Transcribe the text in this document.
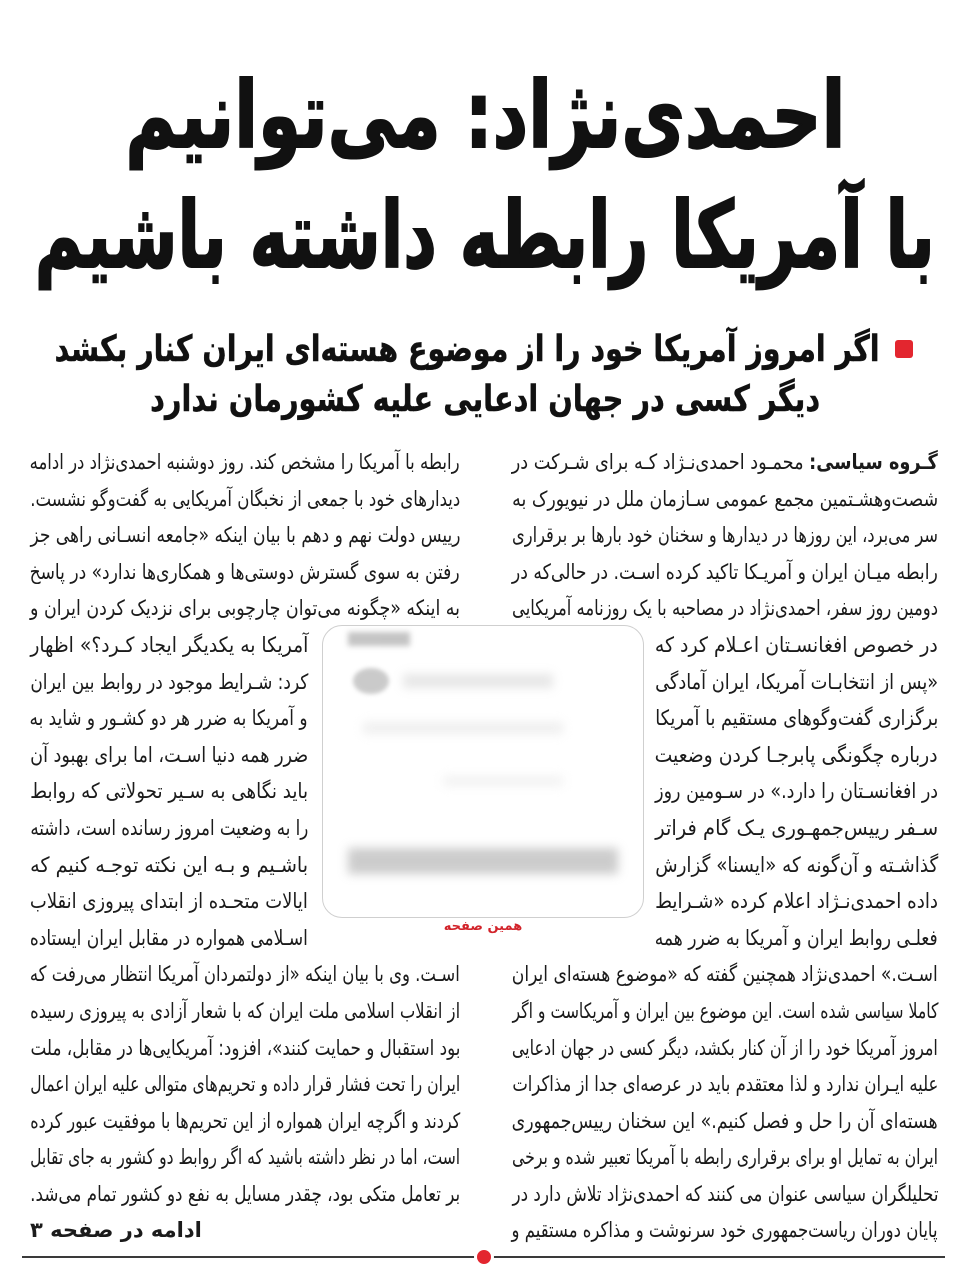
احمدی‌نژاد: می‌توانیم
با آمریکا رابطه داشته باشیم
اگر امروز آمریکا خود را از موضوع هسته‌ای ایران کنار بکشد
دیگر کسی در جهان ادعایی علیه کشورمان ندارد
گـروه سیاسی: محمـود احمدی‌نـژاد کـه برای شـرکت در
شصت‌وهشـتمین مجمع عمومی سـازمان ملل در نیویورک به
سر می‌برد، این روزها در دیدارها و سخنان خود بارها بر برقراری
رابطه میـان ایران و آمریـکا تاکید کرده اسـت. در حالی‌که در
دومین روز سفر، احمدی‌نژاد در مصاحبه با یک روزنامه آمریکایی
در خصوص افغانسـتان اعـلام کرد که
«پس از انتخابـات آمریکا، ایران آمادگی
برگزاری گفت‌وگوهای مستقیم با آمریکا
درباره چگونگی پابرجـا کردن وضعیت
در افغانسـتان را دارد.» در سـومین روز
سـفر رییس‌جمهـوری یـک گام فراتر
گذاشـته و آن‌گونه که «ایسنا» گزارش
داده احمدی‌نـژاد اعلام کرده «شـرایط
فعلـی روابط ایران و آمریکا به ضرر همه
اسـت.» احمدی‌نژاد همچنین گفته که «موضوع هسته‌ای ایران
کاملا سیاسی شده است. این موضوع بین ایران و آمریکاست و اگر
امروز آمریکا خود را از آن کنار بکشد، دیگر کسی در جهان ادعایی
علیه ایـران ندارد و لذا معتقدم باید در عرصه‌ای جدا از مذاکرات
هسته‌ای آن را حل و فصل کنیم.» این سخنان رییس‌جمهوری
ایران به تمایل او برای برقراری رابطه با آمریکا تعبیر شده و برخی
تحلیلگران سیاسی عنوان می کنند که احمدی‌نژاد تلاش دارد در
پایان دوران ریاست‌جمهوری خود سرنوشت و مذاکره مستقیم و
رابطه با آمریکا را مشخص کند. روز دوشنبه احمدی‌نژاد در ادامه
دیدارهای خود با جمعی از نخبگان آمریکایی به گفت‌وگو نشست.
رییس دولت نهم و دهم با بیان اینکه «جامعه انسـانی راهی جز
رفتن به سوی گسترش دوستی‌ها و همکاری‌ها ندارد» در پاسخ
به اینکه «چگونه می‌توان چارچوبی برای نزدیک کردن ایران و
آمریکا به یکدیگر ایجاد کـرد؟» اظهار
کرد: شـرایط موجود در روابط بین ایران
و آمریکا به ضرر هر دو کشـور و شاید به
ضرر همه دنیا اسـت، اما برای بهبود آن
باید نگاهی به سـیر تحولاتی که روابط
را به وضعیت امروز رسانده است، داشته
باشـیم و بـه این نکته توجـه کنیم که
ایالات متحـده از ابتدای پیروزی انقلاب
اسـلامی همواره در مقابل ایران ایستاده
اسـت. وی با بیان اینکه «از دولتمردان آمریکا انتظار می‌رفت که
از انقلاب اسلامی ملت ایران که با شعار آزادی به پیروزی رسیده
بود استقبال و حمایت کنند»، افزود: آمریکایی‌ها در مقابل، ملت
ایران را تحت فشار قرار داده و تحریم‌های متوالی علیه ایران اعمال
کردند و اگرچه ایران همواره از این تحریم‌ها با موفقیت عبور کرده
است، اما در نظر داشته باشید که اگر روابط دو کشور به جای تقابل
بر تعامل متکی بود، چقدر مسایل به نفع دو کشور تمام می‌شد.
ادامه در صفحه ۳
همین صفحه
